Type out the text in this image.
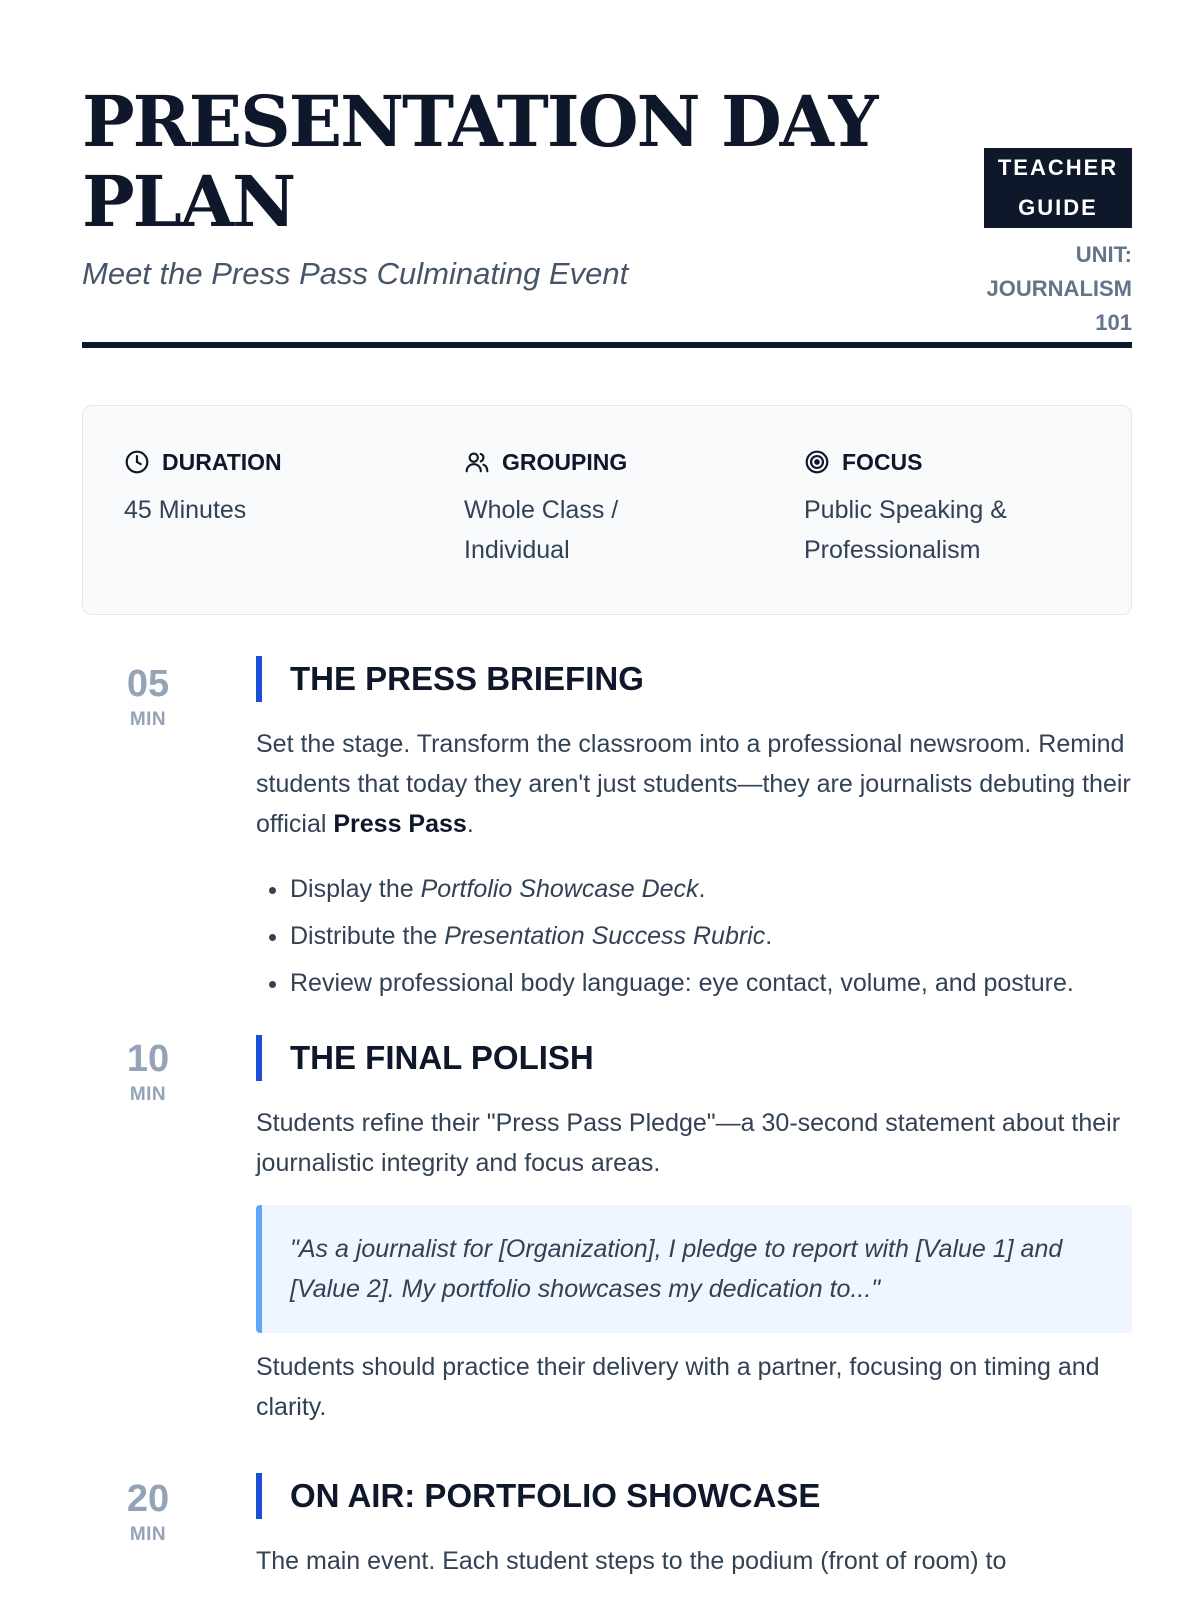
PRESENTATION DAY PLAN
Meet the Press Pass Culminating Event
TEACHER GUIDE
UNIT: JOURNALISM 101
DURATION
45 Minutes
GROUPING
Whole Class / Individual
FOCUS
Public Speaking & Professionalism
05
MIN
THE PRESS BRIEFING

Set the stage. Transform the classroom into a professional newsroom. Remind students that today they aren't just students—they are journalists debuting their official Press Pass.

• Display the Portfolio Showcase Deck.
• Distribute the Presentation Success Rubric.
• Review professional body language: eye contact, volume, and posture.
10
MIN
THE FINAL POLISH

Students refine their "Press Pass Pledge"—a 30-second statement about their journalistic integrity and focus areas.

"As a journalist for [Organization], I pledge to report with [Value 1] and [Value 2]. My portfolio showcases my dedication to..."

Students should practice their delivery with a partner, focusing on timing and clarity.

20
MIN
ON AIR: PORTFOLIO SHOWCASE

The main event. Each student steps to the podium (front of room) to
